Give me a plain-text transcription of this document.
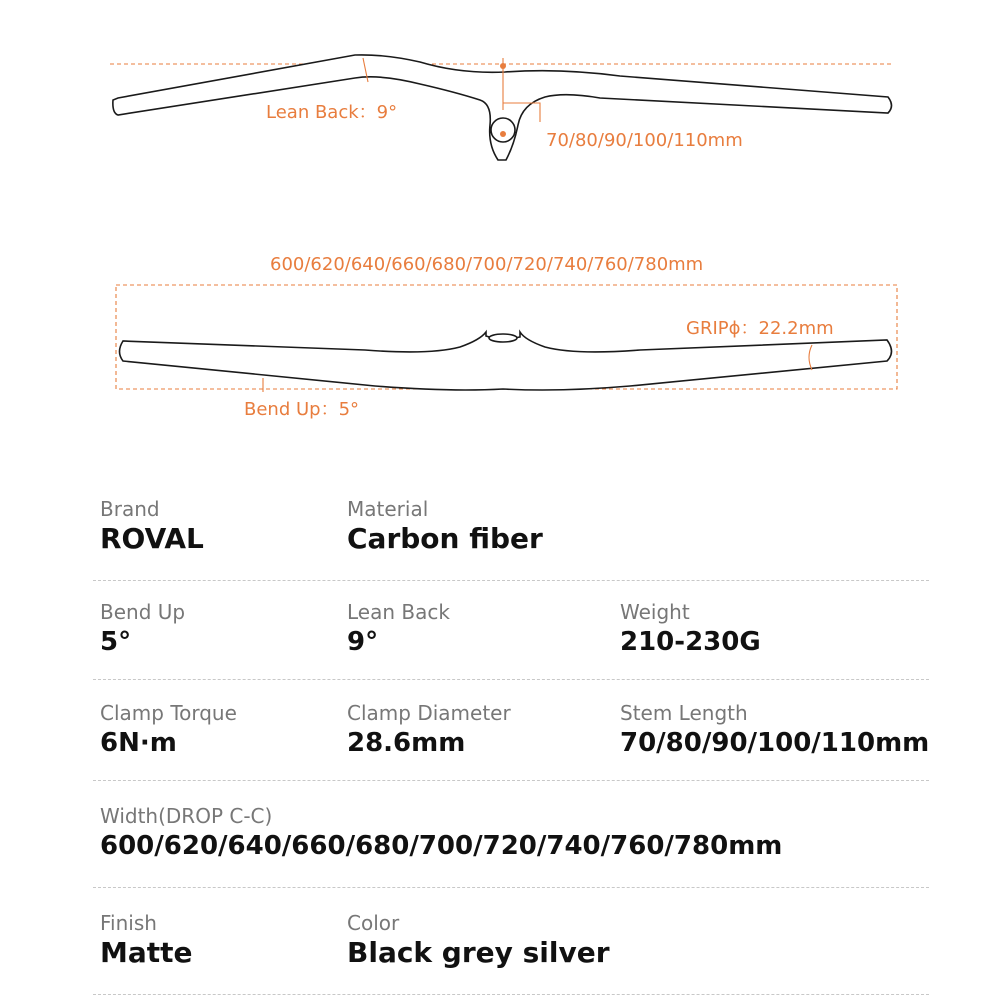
Lean Back：9°
70/80/90/100/110mm
600/620/640/660/680/700/720/740/760/780mm
GRIPϕ：22.2mm
Bend Up：5°
Brand
ROVAL
Material
Carbon fiber
Bend Up
5°
Lean Back
9°
Weight
210-230G
Clamp Torque
6N·m
Clamp Diameter
28.6mm
Stem Length
70/80/90/100/110mm
Width(DROP C-C)
600/620/640/660/680/700/720/740/760/780mm
Finish
Matte
Color
Black grey silver
